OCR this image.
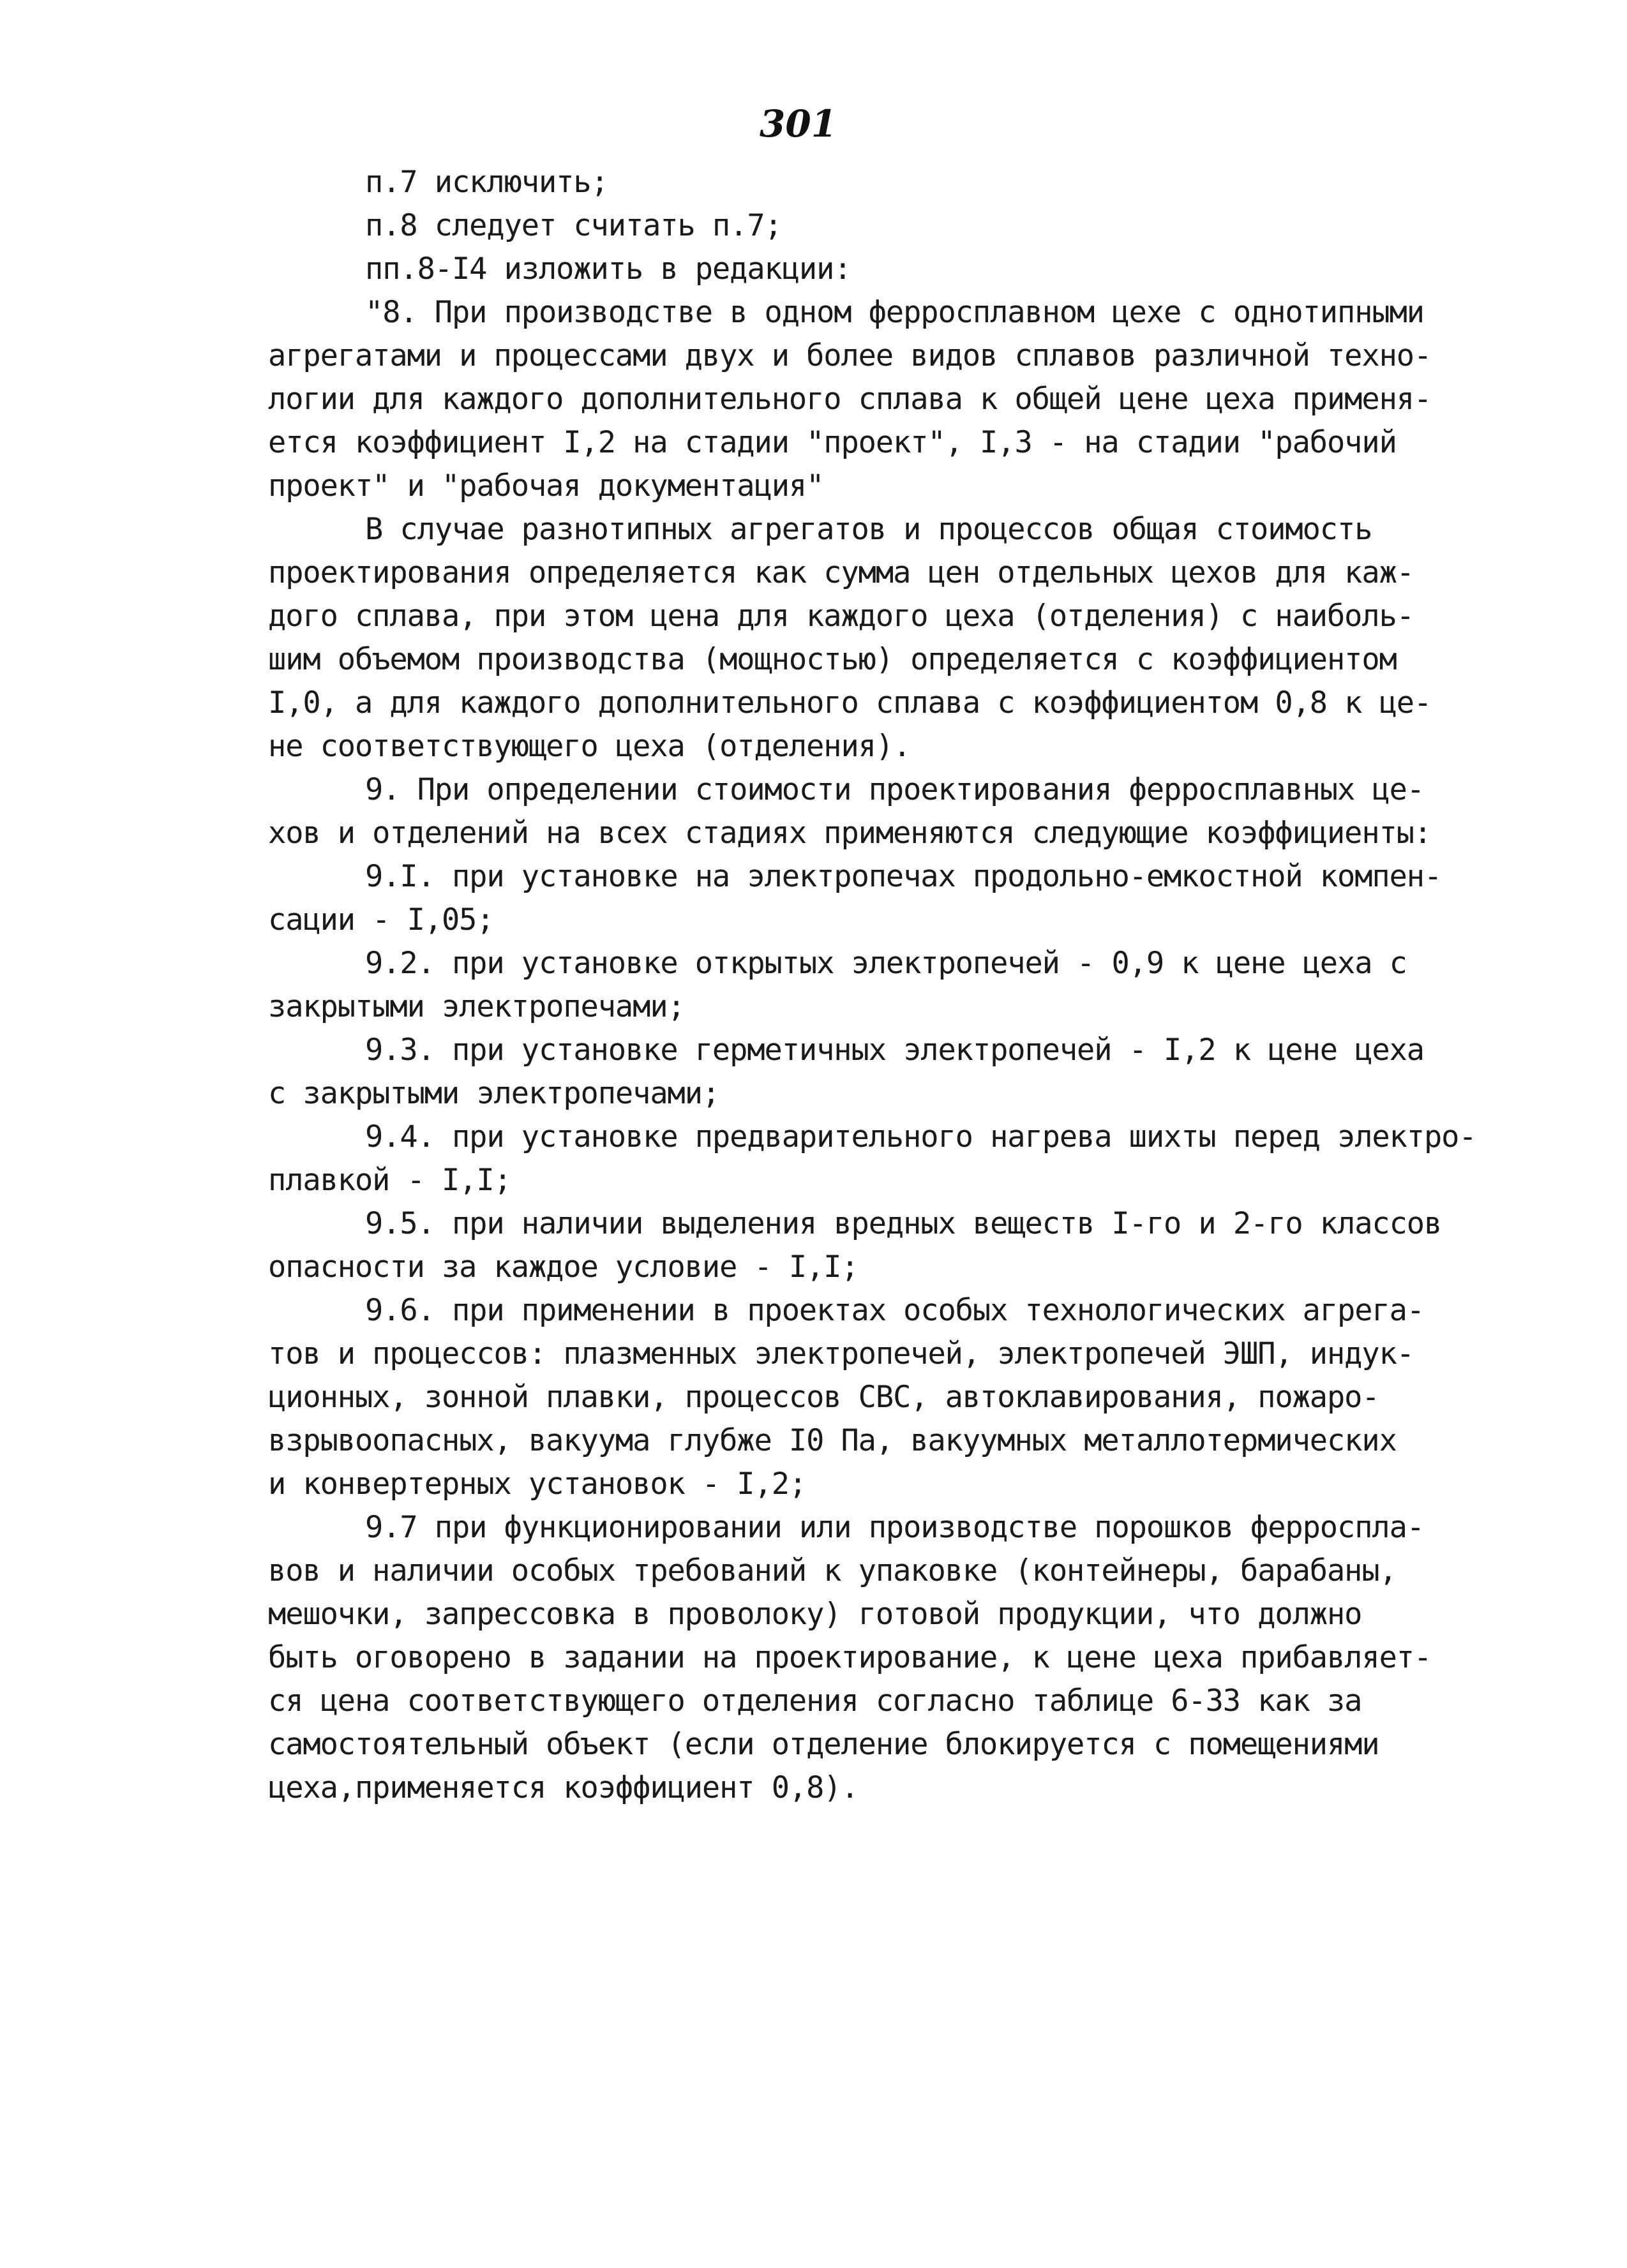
301
п.7 исключить;
п.8 следует считать п.7;
пп.8-I4 изложить в редакции:
"8. При производстве в одном ферросплавном цехе с однотипными
агрегатами и процессами двух и более видов сплавов различной техно-
логии для каждого дополнительного сплава к общей цене цеха применя-
ется коэффициент I,2 на стадии "проект", I,3 - на стадии "рабочий
проект" и "рабочая документация"
В случае разнотипных агрегатов и процессов общая стоимость
проектирования определяется как сумма цен отдельных цехов для каж-
дого сплава, при этом цена для каждого цеха (отделения) с наиболь-
шим объемом производства (мощностью) определяется с коэффициентом
I,0, а для каждого дополнительного сплава с коэффициентом 0,8 к це-
не соответствующего цеха (отделения).
9. При определении стоимости проектирования ферросплавных це-
хов и отделений на всех стадиях применяются следующие коэффициенты:
9.I. при установке на электропечах продольно-емкостной компен-
сации - I,05;
9.2. при установке открытых электропечей - 0,9 к цене цеха с
закрытыми электропечами;
9.3. при установке герметичных электропечей - I,2 к цене цеха
с закрытыми электропечами;
9.4. при установке предварительного нагрева шихты перед электро-
плавкой - I,I;
9.5. при наличии выделения вредных веществ I-го и 2-го классов
опасности за каждое условие - I,I;
9.6. при применении в проектах особых технологических агрега-
тов и процессов: плазменных электропечей, электропечей ЭШП, индук-
ционных, зонной плавки, процессов СВС, автоклавирования, пожаро-
взрывоопасных, вакуума глубже I0 Па, вакуумных металлотермических
и конвертерных установок - I,2;
9.7 при функционировании или производстве порошков ферроспла-
вов и наличии особых требований к упаковке (контейнеры, барабаны,
мешочки, запрессовка в проволоку) готовой продукции, что должно
быть оговорено в задании на проектирование, к цене цеха прибавляет-
ся цена соответствующего отделения согласно таблице 6-33 как за
самостоятельный объект (если отделение блокируется с помещениями
цеха,применяется коэффициент 0,8).
